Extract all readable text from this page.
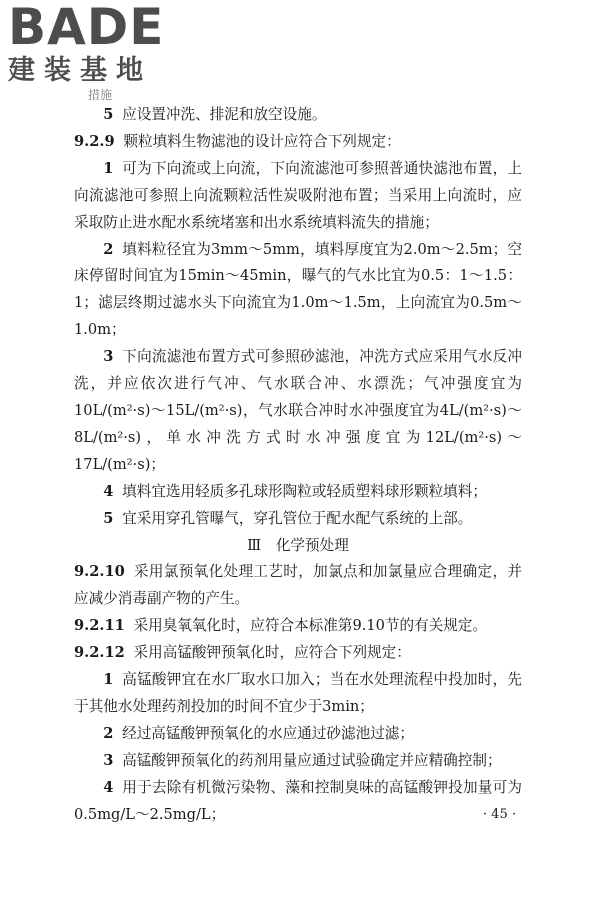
BADE
建装基地
措施

5 应设置冲洗、排泥和放空设施。

9.2.9 颗粒填料生物滤池的设计应符合下列规定：

1 可为下向流或上向流，下向流滤池可参照普通快滤池布置，上向流滤池可参照上向流颗粒活性炭吸附池布置；当采用上向流时，应采取防止进水配水系统堵塞和出水系统填料流失的措施；

2 填料粒径宜为3mm～5mm，填料厚度宜为2.0m～2.5m；空床停留时间宜为15min～45min，曝气的气水比宜为0.5：1～1.5：1；滤层终期过滤水头下向流宜为1.0m～1.5m，上向流宜为0.5m～1.0m；

3 下向流滤池布置方式可参照砂滤池，冲洗方式应采用气水反冲洗，并应依次进行气冲、气水联合冲、水漂洗；气冲强度宜为10L/(m²·s)～15L/(m²·s)，气水联合冲时水冲强度宜为4L/(m²·s)～8L/(m²·s)，单水冲洗方式时水冲强度宜为12L/(m²·s)～17L/(m²·s)；

4 填料宜选用轻质多孔球形陶粒或轻质塑料球形颗粒填料；

5 宜采用穿孔管曝气，穿孔管位于配水配气系统的上部。

Ⅲ　化学预处理

9.2.10 采用氯预氧化处理工艺时，加氯点和加氯量应合理确定，并应减少消毒副产物的产生。

9.2.11 采用臭氧氧化时，应符合本标准第9.10节的有关规定。

9.2.12 采用高锰酸钾预氧化时，应符合下列规定：

1 高锰酸钾宜在水厂取水口加入；当在水处理流程中投加时，先于其他水处理药剂投加的时间不宜少于3min；

2 经过高锰酸钾预氧化的水应通过砂滤池过滤；

3 高锰酸钾预氧化的药剂用量应通过试验确定并应精确控制；

4 用于去除有机微污染物、藻和控制臭味的高锰酸钾投加量可为0.5mg/L～2.5mg/L；	· 45 ·
